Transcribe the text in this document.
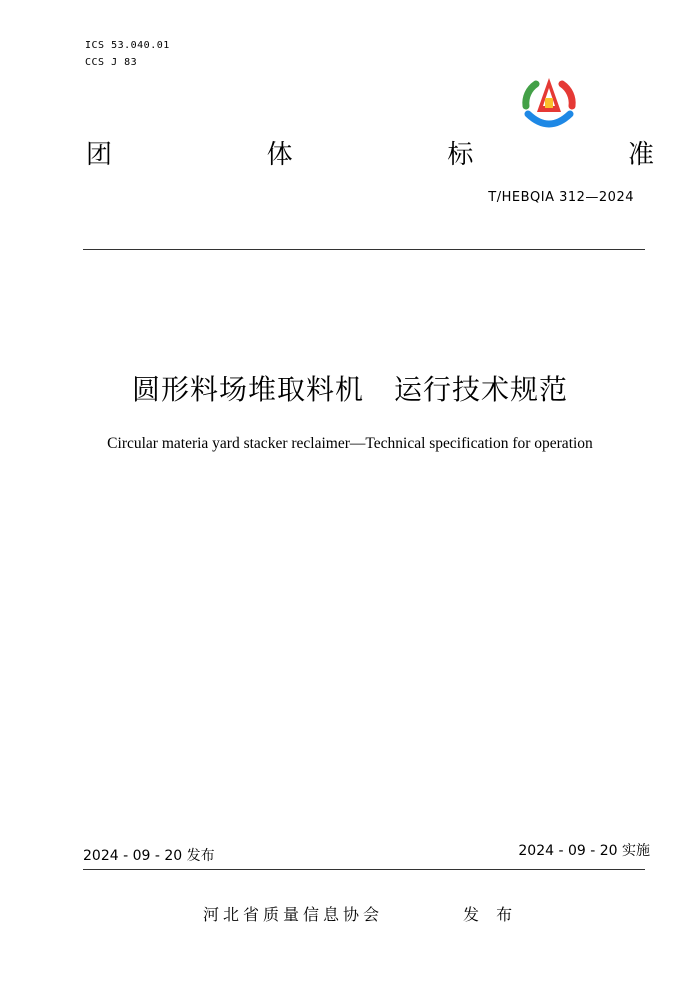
ICS 53.040.01
CCS J 83
团	体	标	准
T/HEBQIA 312—2024
圆形料场堆取料机 运行技术规范
Circular materia yard stacker reclaimer—Technical specification for operation
2024 - 09 - 20 发布	2024 - 09 - 20 实施
河北省质量信息协会	发 布
